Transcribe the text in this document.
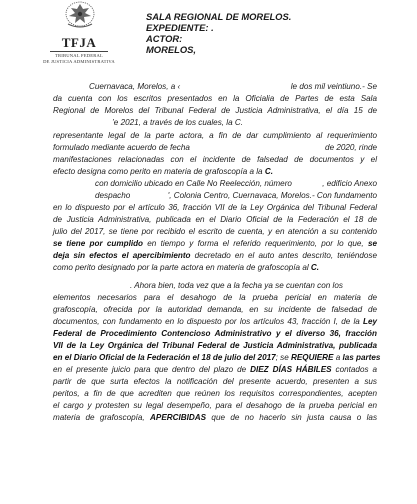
TFJA
TRIBUNAL FEDERAL
DE JUSTICIA ADMINISTRATIVA
SALA REGIONAL DE MORELOS.
EXPEDIENTE: .
ACTOR:
MORELOS,
Cuernavaca, Morelos, a ‹	le dos mil veintiuno.- Se
da cuenta con los escritos presentados en la Oficialia de Partes de esta Sala
Regional de Morelos del Tribunal Federal de Justicia Administrativa, el día 15 de
’e 2021, a través de los cuales, la C.
representante legal de la parte actora, a fin de dar cumplimiento al requerimiento
formulado mediante acuerdo de fecha	de 2020, rinde
manifestaciones relacionadas con el incidente de falsedad de documentos y el
efecto designa como perito en materia de grafoscopía a la C.
con domicilio ubicado en Calle No Reelección, número	, edificio Anexo
despacho	', Colonia Centro, Cuernavaca, Morelos.- Con fundamento
en lo dispuesto por el artículo 36, fracción VII de la Ley Orgánica del Tribunal Federal
de Justicia Administrativa, publicada en el Diario Oficial de la Federación el 18 de
julio del 2017, se tiene por recibido el escrito de cuenta, y en atención a su contenido
se tiene por cumplido en tiempo y forma el referido requerimiento, por lo que, se
deja sin efectos el apercibimiento decretado en el auto antes descrito, teniéndose
como perito designado por la parte actora en materia de grafoscopía al C.
. Ahora bien, toda vez que a la fecha ya se cuentan con los
elementos necesarios para el desahogo de la prueba pericial en materia de
grafoscopía, ofrecida por la autoridad demanda, en su incidente de falsedad de
documentos, con fundamento en lo dispuesto por los artículos 43, fracción I, de la Ley
Federal de Procedimiento Contencioso Administrativo y el diverso 36, fracción
VII de la Ley Orgánica del Tribunal Federal de Justicia Administrativa, publicada
en el Diario Oficial de la Federación el 18 de julio del 2017; se REQUIERE a las partes
en el presente juicio para que dentro del plazo de DIEZ DÍAS HÁBILES contados a
partir de que surta efectos la notificación del presente acuerdo, presenten a sus
peritos, a fin de que acrediten que reúnen los requisitos correspondientes, acepten
el cargo y protesten su legal desempeño, para el desahogo de la prueba pericial en
materia de grafoscopía, APERCIBIDAS que de no hacerlo sin justa causa o las
